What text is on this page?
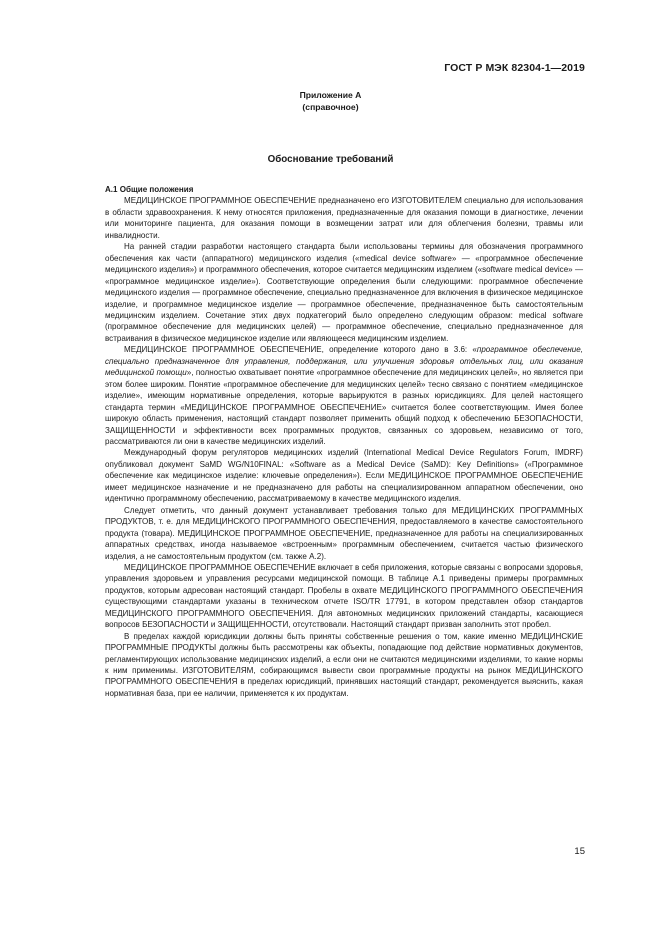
ГОСТ Р МЭК 82304-1—2019
Приложение А
(справочное)
Обоснование требований
А.1 Общие положения

МЕДИЦИНСКОЕ ПРОГРАММНОЕ ОБЕСПЕЧЕНИЕ предназначено его ИЗГОТОВИТЕЛЕМ специально для использования в области здравоохранения. К нему относятся приложения, предназначенные для оказания помощи в диагностике, лечении или мониторинге пациента, для оказания помощи в возмещении затрат или для облегчения болезни, травмы или инвалидности.

На ранней стадии разработки настоящего стандарта были использованы термины для обозначения программного обеспечения как части (аппаратного) медицинского изделия («medical device software» — «программное обеспечение медицинского изделия») и программного обеспечения, которое считается медицинским изделием («software medical device» — «программное медицинское изделие»). Соответствующие определения были следующими: программное обеспечение медицинского изделия — программное обеспечение, специально предназначенное для включения в физическое медицинское изделие, и программное медицинское изделие — программное обеспечение, предназначенное быть самостоятельным медицинским изделием. Сочетание этих двух подкатегорий было определено следующим образом: medical software (программное обеспечение для медицинских целей) — программное обеспечение, специально предназначенное для встраивания в физическое медицинское изделие или являющееся медицинским изделием.

МЕДИЦИНСКОЕ ПРОГРАММНОЕ ОБЕСПЕЧЕНИЕ, определение которого дано в 3.6: «программное обеспечение, специально предназначенное для управления, поддержания, или улучшения здоровья отдельных лиц, или оказания медицинской помощи», полностью охватывает понятие «программное обеспечение для медицинских целей», но является при этом более широким. Понятие «программное обеспечение для медицинских целей» тесно связано с понятием «медицинское изделие», имеющим нормативные определения, которые варьируются в разных юрисдикциях. Для целей настоящего стандарта термин «МЕДИЦИНСКОЕ ПРОГРАММНОЕ ОБЕСПЕЧЕНИЕ» считается более соответствующим. Имея более широкую область применения, настоящий стандарт позволяет применить общий подход к обеспечению БЕЗОПАСНОСТИ, ЗАЩИЩЕННОСТИ и эффективности всех программных продуктов, связанных со здоровьем, независимо от того, рассматриваются ли они в качестве медицинских изделий.

Международный форум регуляторов медицинских изделий (International Medical Device Regulators Forum, IMDRF) опубликовал документ SaMD WG/N10FINAL: «Software as a Medical Device (SaMD): Key Definitions» («Программное обеспечение как медицинское изделие: ключевые определения»). Если МЕДИЦИНСКОЕ ПРОГРАММНОЕ ОБЕСПЕЧЕНИЕ имеет медицинское назначение и не предназначено для работы на специализированном аппаратном обеспечении, оно идентично программному обеспечению, рассматриваемому в качестве медицинского изделия.

Следует отметить, что данный документ устанавливает требования только для МЕДИЦИНСКИХ ПРОГРАММНЫХ ПРОДУКТОВ, т. е. для МЕДИЦИНСКОГО ПРОГРАММНОГО ОБЕСПЕЧЕНИЯ, предоставляемого в качестве самостоятельного продукта (товара). МЕДИЦИНСКОЕ ПРОГРАММНОЕ ОБЕСПЕЧЕНИЕ, предназначенное для работы на специализированных аппаратных средствах, иногда называемое «встроенным» программным обеспечением, считается частью физического изделия, а не самостоятельным продуктом (см. также А.2).

МЕДИЦИНСКОЕ ПРОГРАММНОЕ ОБЕСПЕЧЕНИЕ включает в себя приложения, которые связаны с вопросами здоровья, управления здоровьем и управления ресурсами медицинской помощи. В таблице А.1 приведены примеры программных продуктов, которым адресован настоящий стандарт. Пробелы в охвате МЕДИЦИНСКОГО ПРОГРАММНОГО ОБЕСПЕЧЕНИЯ существующими стандартами указаны в техническом отчете ISO/TR 17791, в котором представлен обзор стандартов МЕДИЦИНСКОГО ПРОГРАММНОГО ОБЕСПЕЧЕНИЯ. Для автономных медицинских приложений стандарты, касающиеся вопросов БЕЗОПАСНОСТИ и ЗАЩИЩЕННОСТИ, отсутствовали. Настоящий стандарт призван заполнить этот пробел.

В пределах каждой юрисдикции должны быть приняты собственные решения о том, какие именно МЕДИЦИНСКИЕ ПРОГРАММНЫЕ ПРОДУКТЫ должны быть рассмотрены как объекты, попадающие под действие нормативных документов, регламентирующих использование медицинских изделий, а если они не считаются медицинскими изделиями, то какие нормы к ним применимы. ИЗГОТОВИТЕЛЯМ, собирающимся вывести свои программные продукты на рынок МЕДИЦИНСКОГО ПРОГРАММНОГО ОБЕСПЕЧЕНИЯ в пределах юрисдикций, принявших настоящий стандарт, рекомендуется выяснить, какая нормативная база, при ее наличии, применяется к их продуктам.

15
